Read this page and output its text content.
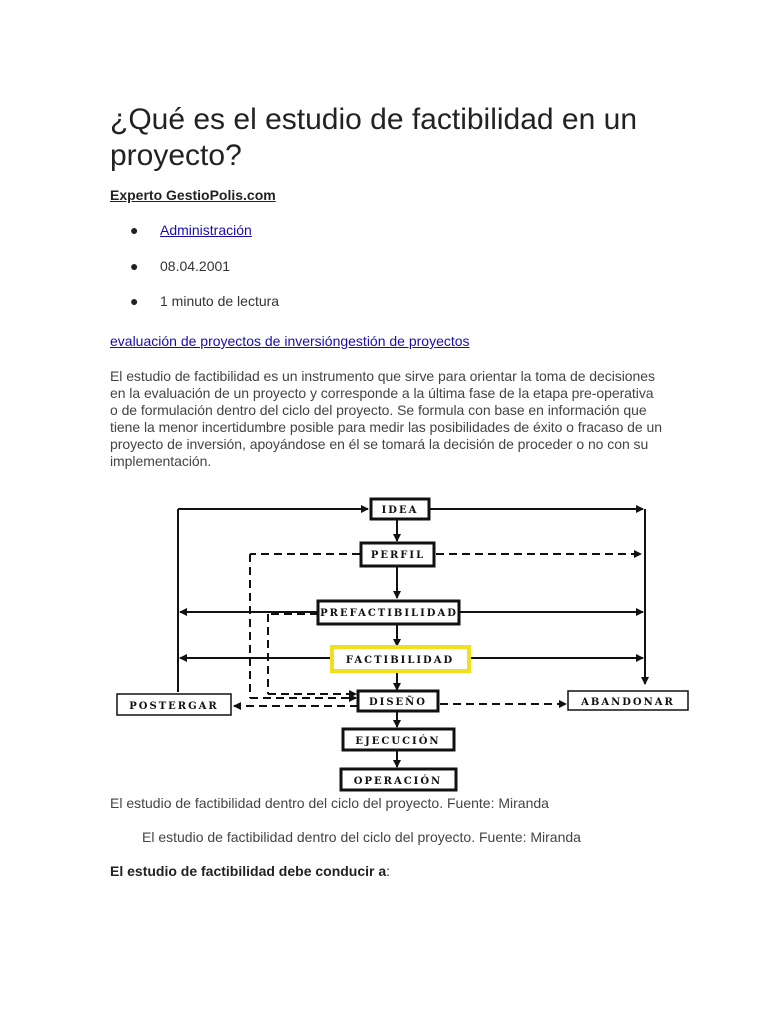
¿Qué es el estudio de factibilidad en un proyecto?
Experto GestioPolis.com
● Administración
● 08.04.2001
● 1 minuto de lectura
evaluación de proyectos de inversióngestión de proyectos

El estudio de factibilidad es un instrumento que sirve para orientar la toma de decisiones en la evaluación de un proyecto y corresponde a la última fase de la etapa pre-operativa o de formulación dentro del ciclo del proyecto. Se formula con base en información que tiene la menor incertidumbre posible para medir las posibilidades de éxito o fracaso de un proyecto de inversión, apoyándose en él se tomará la decisión de proceder o no con su implementación.

IDEA
PERFIL
PREFACTIBILIDAD
FACTIBILIDAD
DISEÑO
EJECUCIÓN
OPERACIÓN
POSTERGAR	ABANDONAR
El estudio de factibilidad dentro del ciclo del proyecto. Fuente: Miranda
El estudio de factibilidad dentro del ciclo del proyecto. Fuente: Miranda
El estudio de factibilidad debe conducir a:
